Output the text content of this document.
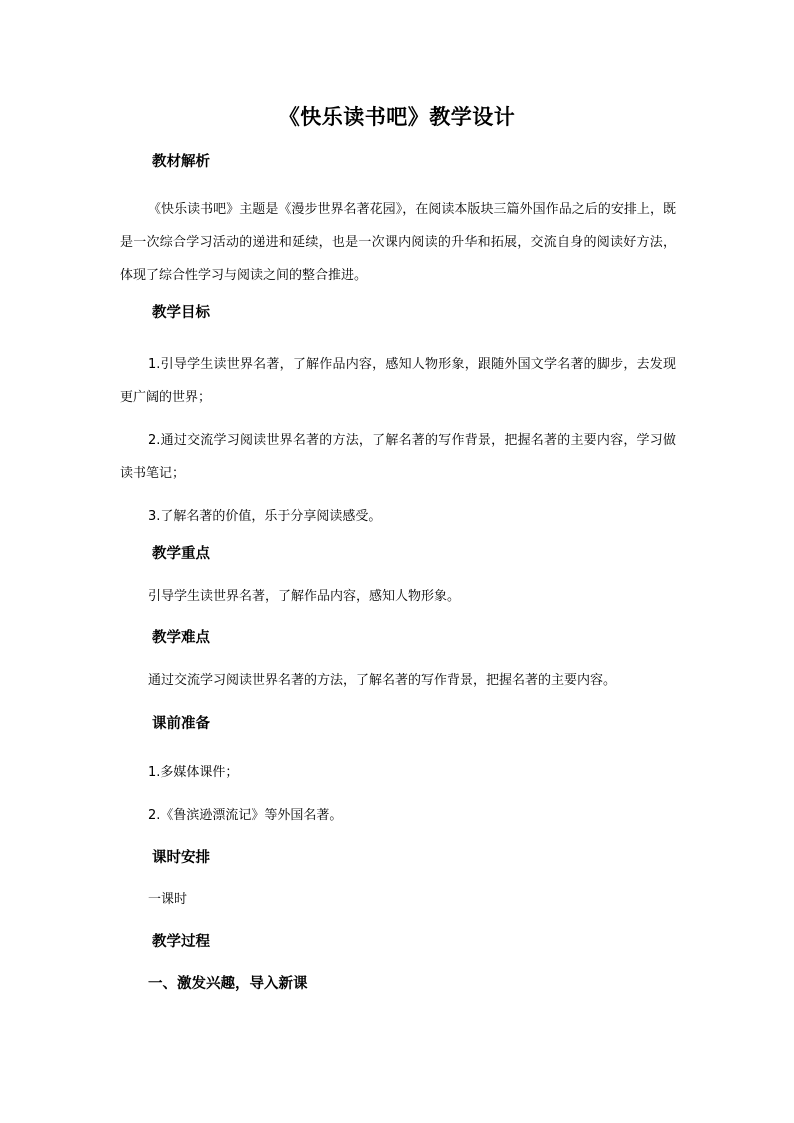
《快乐读书吧》教学设计
教材解析
《快乐读书吧》主题是《漫步世界名著花园》，在阅读本版块三篇外国作品之后的安排上，既是一次综合学习活动的递进和延续，也是一次课内阅读的升华和拓展，交流自身的阅读好方法，体现了综合性学习与阅读之间的整合推进。
教学目标
1.引导学生读世界名著，了解作品内容，感知人物形象，跟随外国文学名著的脚步，去发现更广阔的世界；
2.通过交流学习阅读世界名著的方法，了解名著的写作背景，把握名著的主要内容，学习做读书笔记；
3.了解名著的价值，乐于分享阅读感受。
教学重点
引导学生读世界名著，了解作品内容，感知人物形象。
教学难点
通过交流学习阅读世界名著的方法，了解名著的写作背景，把握名著的主要内容。
课前准备
1.多媒体课件；
2.《鲁滨逊漂流记》等外国名著。
课时安排
一课时
教学过程
一、激发兴趣，导入新课
